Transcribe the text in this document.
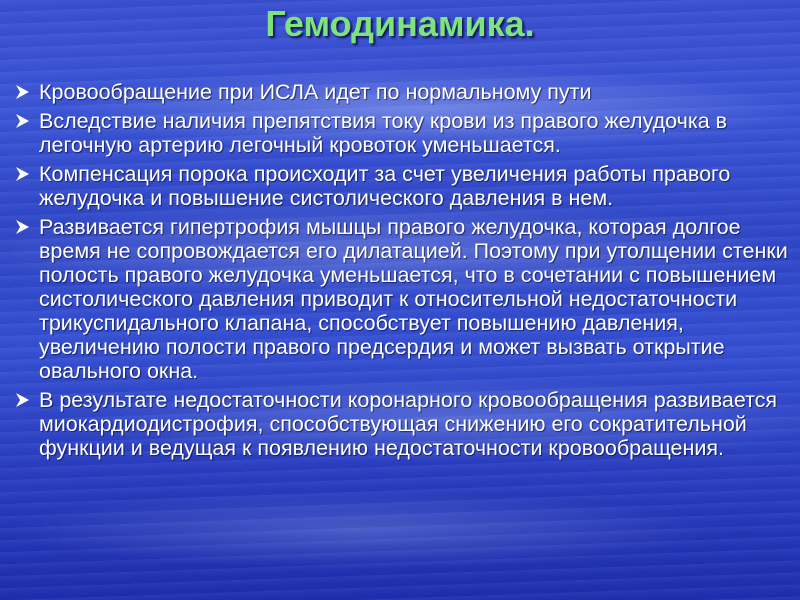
Гемодинамика.
Кровообращение при ИСЛА идет по нормальному пути
Вследствие наличия препятствия току крови из правого желудочка в легочную артерию легочный кровоток уменьшается.
Компенсация порока происходит за счет увеличения работы правого желудочка и повышение систолического давления в нем.
Развивается гипертрофия мышцы правого желудочка, которая долгое время не сопровождается его дилатацией. Поэтому при утолщении стенки полость правого желудочка уменьшается, что в сочетании с повышением систолического давления приводит к относительной недостаточности трикуспидального клапана, способствует повышению давления, увеличению полости правого предсердия и может вызвать открытие овального окна.
В результате недостаточности коронарного кровообращения развивается миокардиодистрофия, способствующая снижению его сократительной функции и ведущая к появлению недостаточности кровообращения.
